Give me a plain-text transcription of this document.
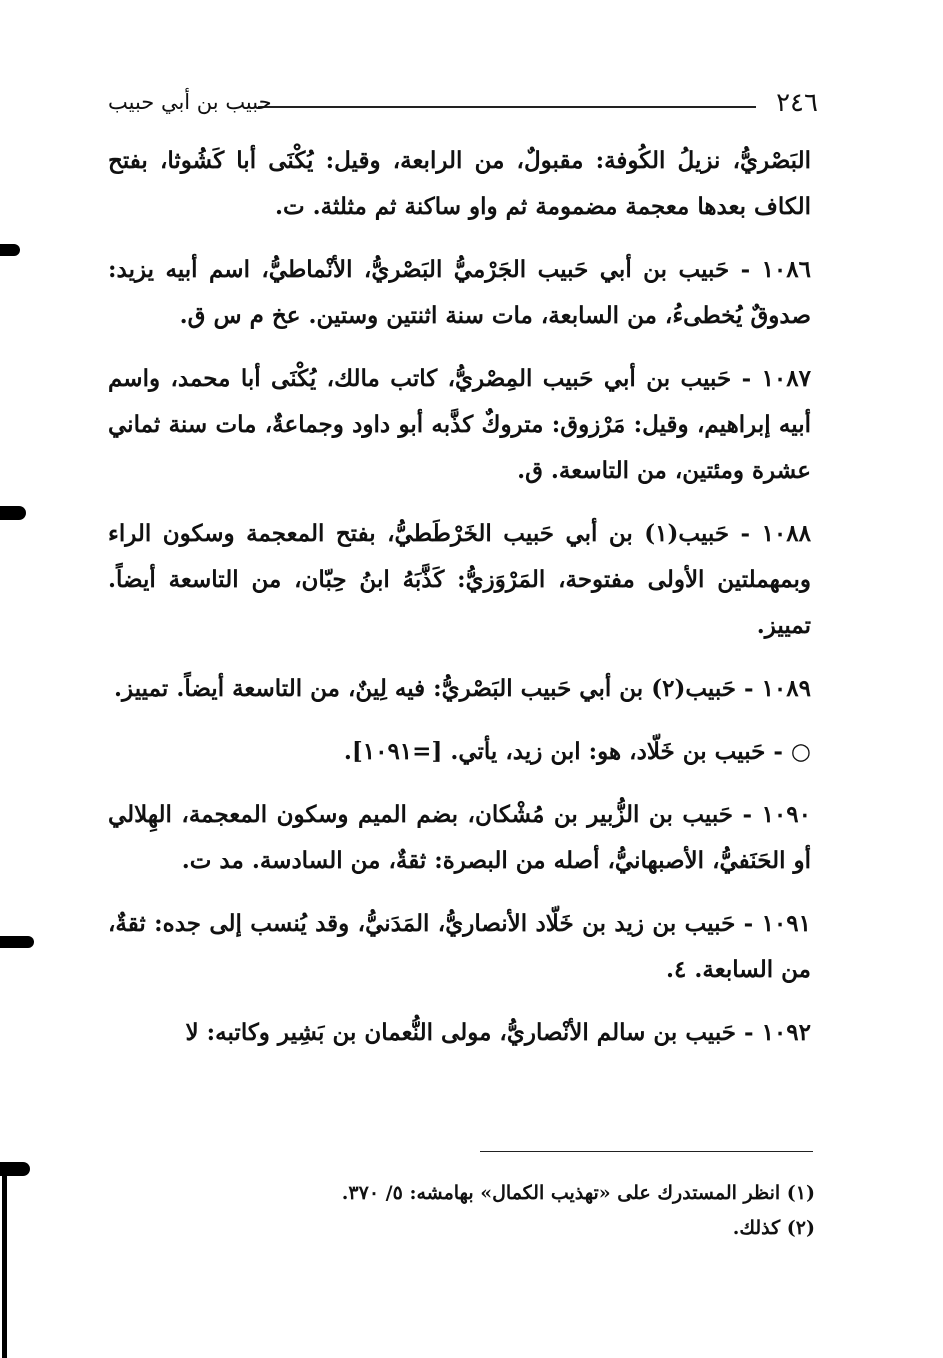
٢٤٦
حبيب بن أبي حبيب

البَصْريُّ، نزيلُ الكُوفة: مقبولٌ، من الرابعة، وقيل: يُكْنَى أبا كَشُوثا، بفتح الكاف بعدها معجمة مضمومة ثم واو ساكنة ثم مثلثة. ت.

١٠٨٦ - حَبيب بن أبي حَبيب الجَرْميُّ البَصْريُّ، الأنْماطيُّ، اسم أبيه يزيد: صدوقٌ يُخطىءُ، من السابعة، مات سنة اثنتين وستين. عخ م س ق.

١٠٨٧ - حَبيب بن أبي حَبيب المِصْريُّ، كاتب مالك، يُكْنَى أبا محمد، واسم أبيه إبراهيم، وقيل: مَرْزوق: متروكٌ كذَّبه أبو داود وجماعةٌ، مات سنة ثماني عشرة ومئتين، من التاسعة. ق.

١٠٨٨ - حَبيب(١) بن أبي حَبيب الخَرْطَطيُّ، بفتح المعجمة وسكون الراء وبمهملتين الأولى مفتوحة، المَرْوَزيُّ: كَذَّبَهُ ابنُ حِبّان، من التاسعة أيضاً. تمييز.

١٠٨٩ - حَبيب(٢) بن أبي حَبيب البَصْريُّ: فيه لِينٌ، من التاسعة أيضاً. تمييز.

○ - حَبيب بن خَلّاد، هو: ابن زيد، يأتي. [=١٠٩١].

١٠٩٠ - حَبيب بن الزُّبير بن مُشْكان، بضم الميم وسكون المعجمة، الهِلالي أو الحَنَفيُّ، الأصبهانيُّ، أصله من البصرة: ثقةٌ، من السادسة. مد ت.

١٠٩١ - حَبيب بن زيد بن خَلّاد الأنصاريُّ، المَدَنيُّ، وقد يُنسب إلى جده: ثقةٌ، من السابعة. ٤.

١٠٩٢ - حَبيب بن سالم الأنْصاريُّ، مولى النُّعمان بن بَشِير وكاتبه: لا

(١) انظر المستدرك على «تهذيب الكمال» بهامشه: ٥/ ٣٧٠.
(٢) كذلك.
